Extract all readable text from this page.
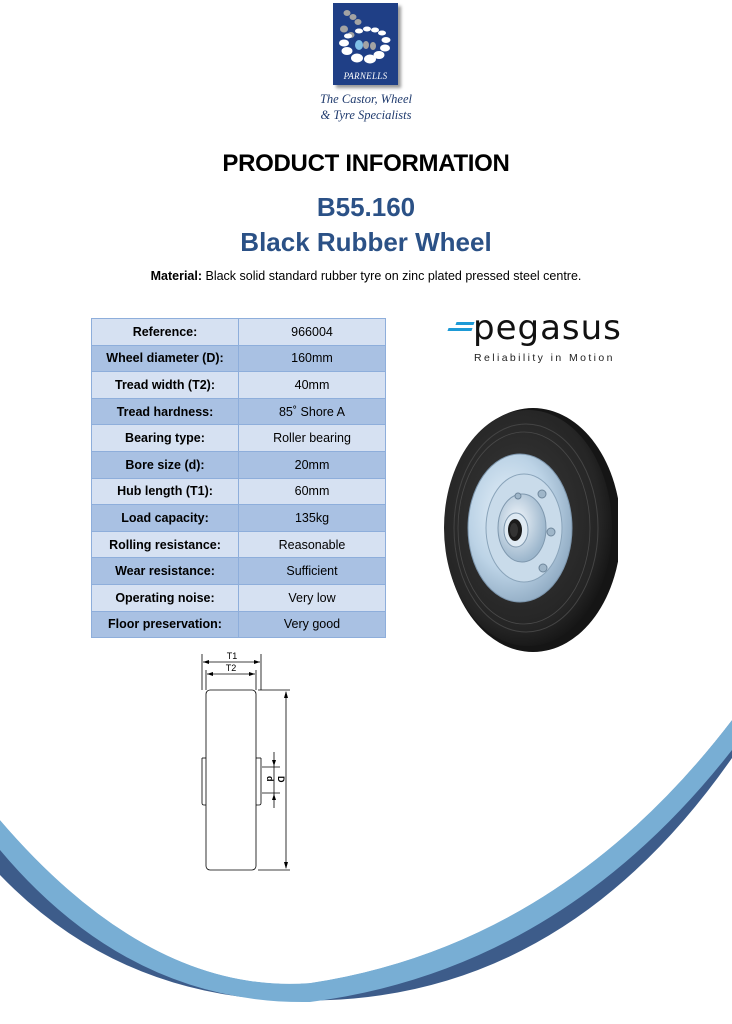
PARNELLS
The Castor, Wheel
& Tyre Specialists
PRODUCT INFORMATION
B55.160
Black Rubber Wheel
Material: Black solid standard rubber tyre on zinc plated pressed steel centre.
Reference:	966004
Wheel diameter (D):	160mm
Tread width (T2):	40mm
Tread hardness:	85˚ Shore A
Bearing type:	Roller bearing
Bore size (d):	20mm
Hub length (T1):	60mm
Load capacity:	135kg
Rolling resistance:	Reasonable
Wear resistance:	Sufficient
Operating noise:	Very low
Floor preservation:	Very good
pegasus
Reliability in Motion
T1
T2
d D
